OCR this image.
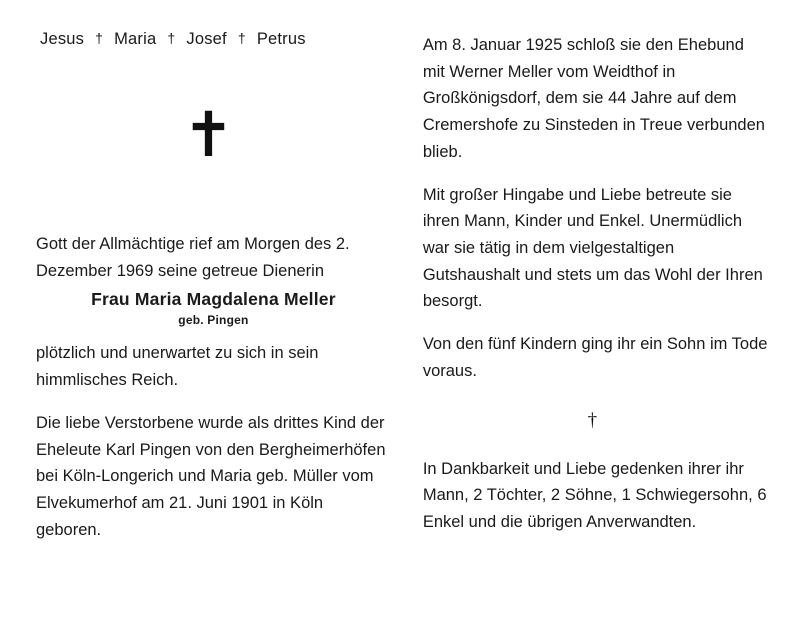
Jesus † Maria † Josef † Petrus
✝

Gott der Allmächtige rief am Morgen des 2. Dezember 1969 seine getreue Dienerin

Frau Maria Magdalena Meller
geb. Pingen

plötzlich und unerwartet zu sich in sein himmlisches Reich.

Die liebe Verstorbene wurde als drittes Kind der Eheleute Karl Pingen von den Bergheimerhöfen bei Köln-Longerich und Maria geb. Müller vom Elvekumerhof am 21. Juni 1901 in Köln geboren.

Am 8. Januar 1925 schloß sie den Ehebund mit Werner Meller vom Weidthof in Großkönigsdorf, dem sie 44 Jahre auf dem Cremershofe zu Sinsteden in Treue verbunden blieb.

Mit großer Hingabe und Liebe betreute sie ihren Mann, Kinder und Enkel. Unermüdlich war sie tätig in dem vielgestaltigen Gutshaushalt und stets um das Wohl der Ihren besorgt.

Von den fünf Kindern ging ihr ein Sohn im Tode voraus.

†

In Dankbarkeit und Liebe gedenken ihrer ihr Mann, 2 Töchter, 2 Söhne, 1 Schwiegersohn, 6 Enkel und die übrigen Anverwandten.
